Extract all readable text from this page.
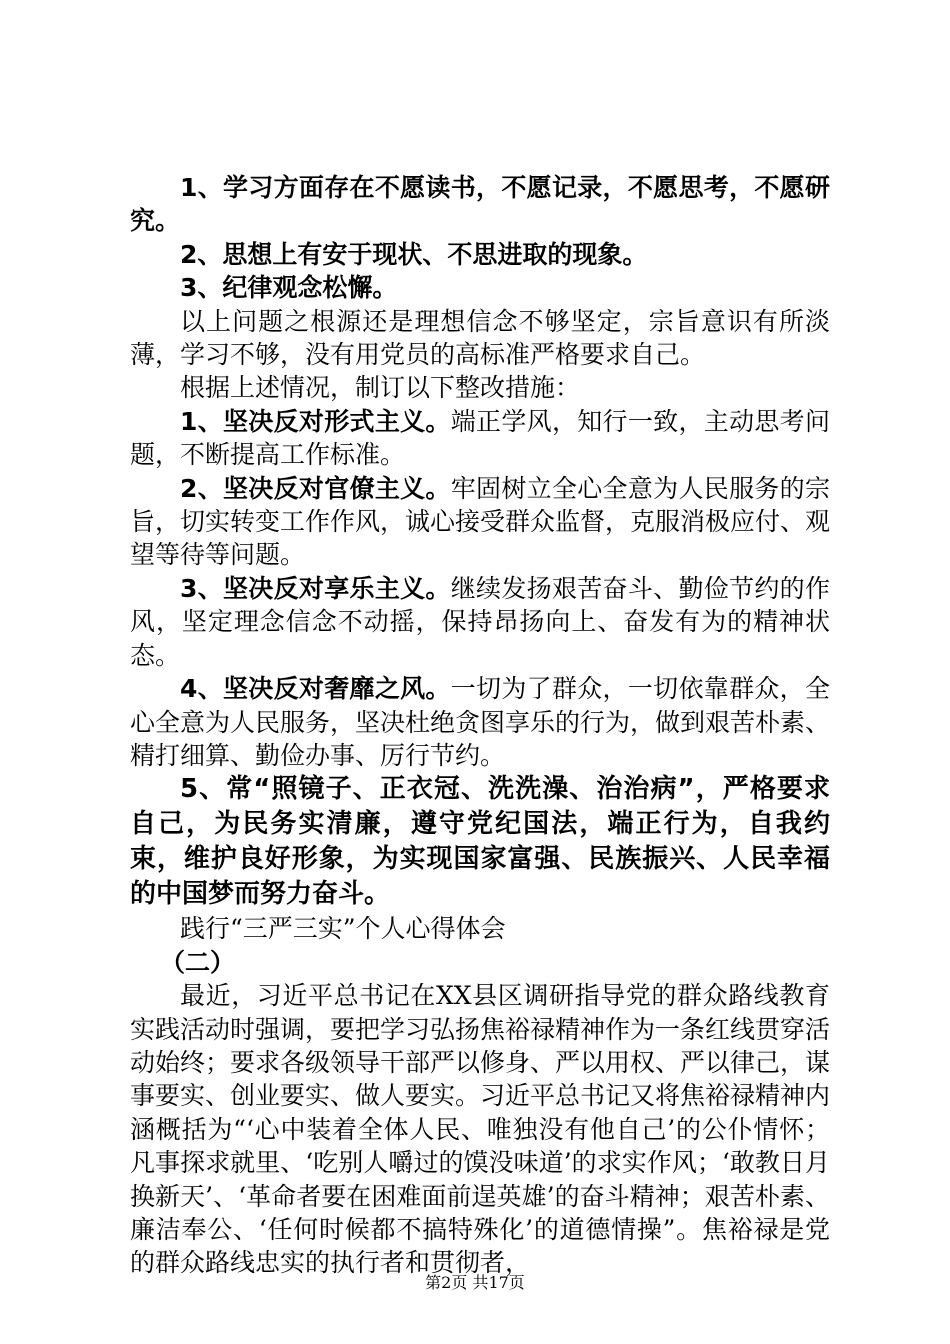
1、学习方面存在不愿读书，不愿记录，不愿思考，不愿研究。

2、思想上有安于现状、不思进取的现象。

3、纪律观念松懈。

以上问题之根源还是理想信念不够坚定，宗旨意识有所淡薄，学习不够，没有用党员的高标准严格要求自己。

根据上述情况，制订以下整改措施：

1、坚决反对形式主义。端正学风，知行一致，主动思考问题，不断提高工作标准。

2、坚决反对官僚主义。牢固树立全心全意为人民服务的宗旨，切实转变工作作风，诚心接受群众监督，克服消极应付、观望等待等问题。

3、坚决反对享乐主义。继续发扬艰苦奋斗、勤俭节约的作风，坚定理念信念不动摇，保持昂扬向上、奋发有为的精神状态。

4、坚决反对奢靡之风。一切为了群众，一切依靠群众，全心全意为人民服务，坚决杜绝贪图享乐的行为，做到艰苦朴素、精打细算、勤俭办事、厉行节约。

5、常“照镜子、正衣冠、洗洗澡、治治病”，严格要求自己，为民务实清廉，遵守党纪国法，端正行为，自我约束，维护良好形象，为实现国家富强、民族振兴、人民幸福的中国梦而努力奋斗。

践行“三严三实”个人心得体会

（二）

最近，习近平总书记在XX县区调研指导党的群众路线教育实践活动时强调，要把学习弘扬焦裕禄精神作为一条红线贯穿活动始终；要求各级领导干部严以修身、严以用权、严以律己，谋事要实、创业要实、做人要实。习近平总书记又将焦裕禄精神内涵概括为“‘心中装着全体人民、唯独没有他自己’的公仆情怀；凡事探求就里、‘吃别人嚼过的馍没味道’的求实作风；‘敢教日月换新天’、‘革命者要在困难面前逞英雄’的奋斗精神；艰苦朴素、廉洁奉公、‘任何时候都不搞特殊化’的道德情操”。焦裕禄是党的群众路线忠实的执行者和贯彻者，

第2页 共17页
